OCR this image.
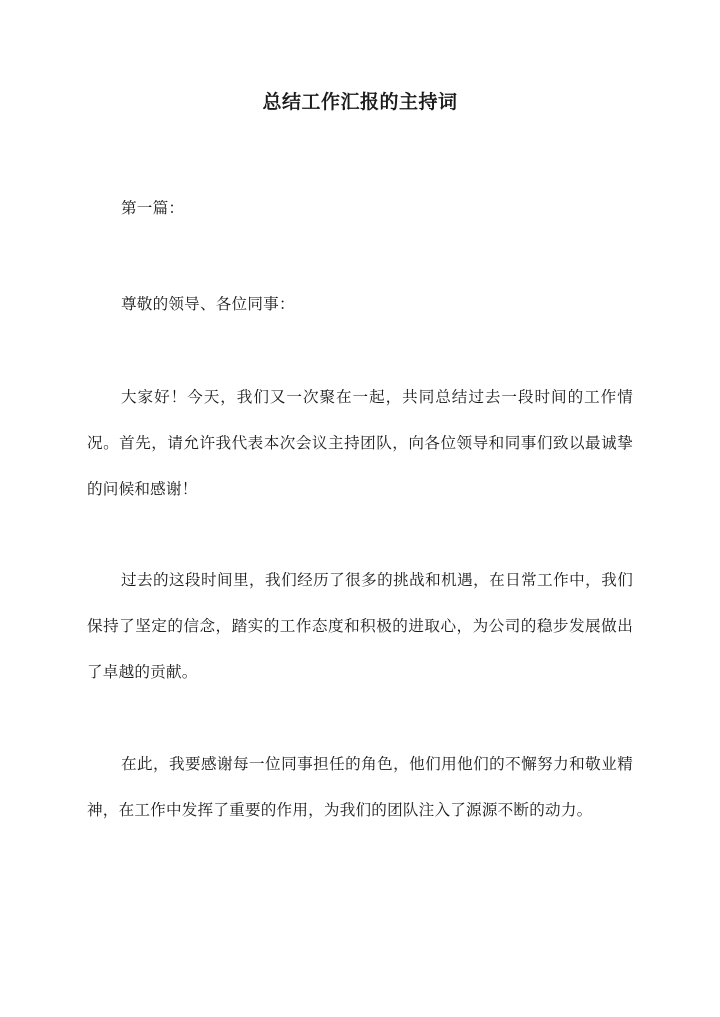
总结工作汇报的主持词

第一篇：

尊敬的领导、各位同事：

大家好！今天，我们又一次聚在一起，共同总结过去一段时间的工作情况。首先，请允许我代表本次会议主持团队，向各位领导和同事们致以最诚挚的问候和感谢！

过去的这段时间里，我们经历了很多的挑战和机遇，在日常工作中，我们保持了坚定的信念，踏实的工作态度和积极的进取心，为公司的稳步发展做出了卓越的贡献。

在此，我要感谢每一位同事担任的角色，他们用他们的不懈努力和敬业精神，在工作中发挥了重要的作用，为我们的团队注入了源源不断的动力。
